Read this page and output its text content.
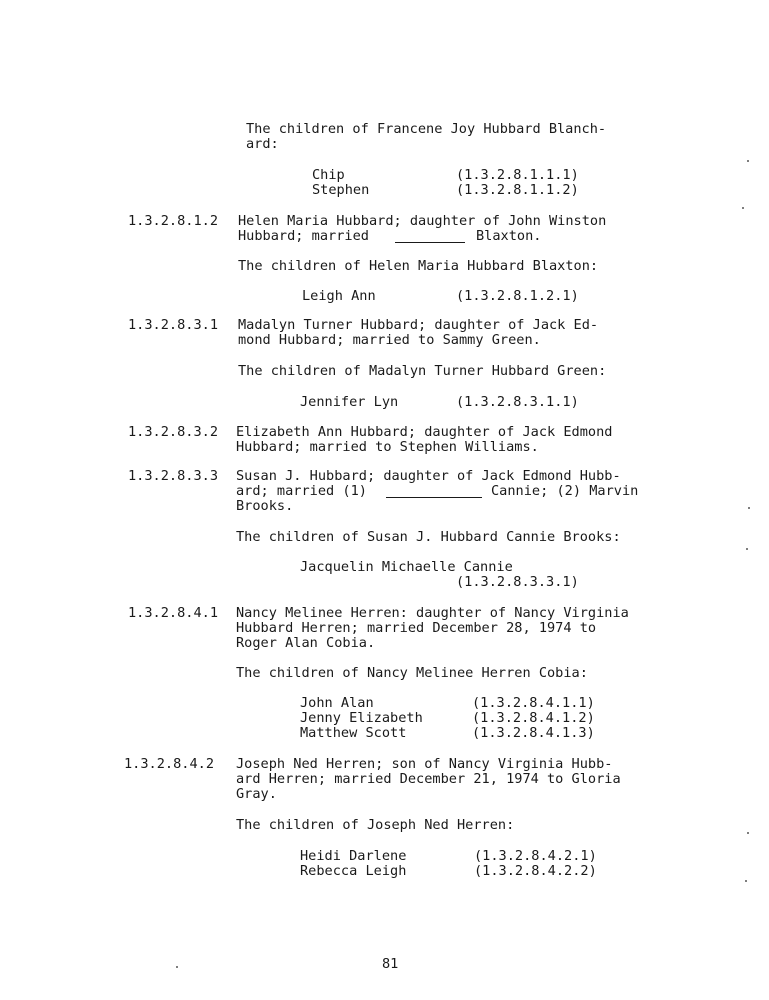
The children of Francene Joy Hubbard Blanch-
ard:
Chip	(1.3.2.8.1.1.1)
Stephen	(1.3.2.8.1.1.2)
1.3.2.8.1.2 Helen Maria Hubbard; daughter of John Winston
Hubbard; married	Blaxton.
The children of Helen Maria Hubbard Blaxton:
Leigh Ann	(1.3.2.8.1.2.1)
1.3.2.8.3.1 Madalyn Turner Hubbard; daughter of Jack Ed-
mond Hubbard; married to Sammy Green.
The children of Madalyn Turner Hubbard Green:
Jennifer Lyn	(1.3.2.8.3.1.1)
1.3.2.8.3.2 Elizabeth Ann Hubbard; daughter of Jack Edmond
Hubbard; married to Stephen Williams.
1.3.2.8.3.3 Susan J. Hubbard; daughter of Jack Edmond Hubb-
ard; married (1)	Cannie; (2) Marvin
Brooks.
The children of Susan J. Hubbard Cannie Brooks:
Jacquelin Michaelle Cannie
(1.3.2.8.3.3.1)
1.3.2.8.4.1 Nancy Melinee Herren: daughter of Nancy Virginia
Hubbard Herren; married December 28, 1974 to
Roger Alan Cobia.
The children of Nancy Melinee Herren Cobia:
John Alan	(1.3.2.8.4.1.1)
Jenny Elizabeth	(1.3.2.8.4.1.2)
Matthew Scott	(1.3.2.8.4.1.3)
1.3.2.8.4.2 Joseph Ned Herren; son of Nancy Virginia Hubb-
ard Herren; married December 21, 1974 to Gloria
Gray.
The children of Joseph Ned Herren:
Heidi Darlene	(1.3.2.8.4.2.1)
Rebecca Leigh	(1.3.2.8.4.2.2)
81
